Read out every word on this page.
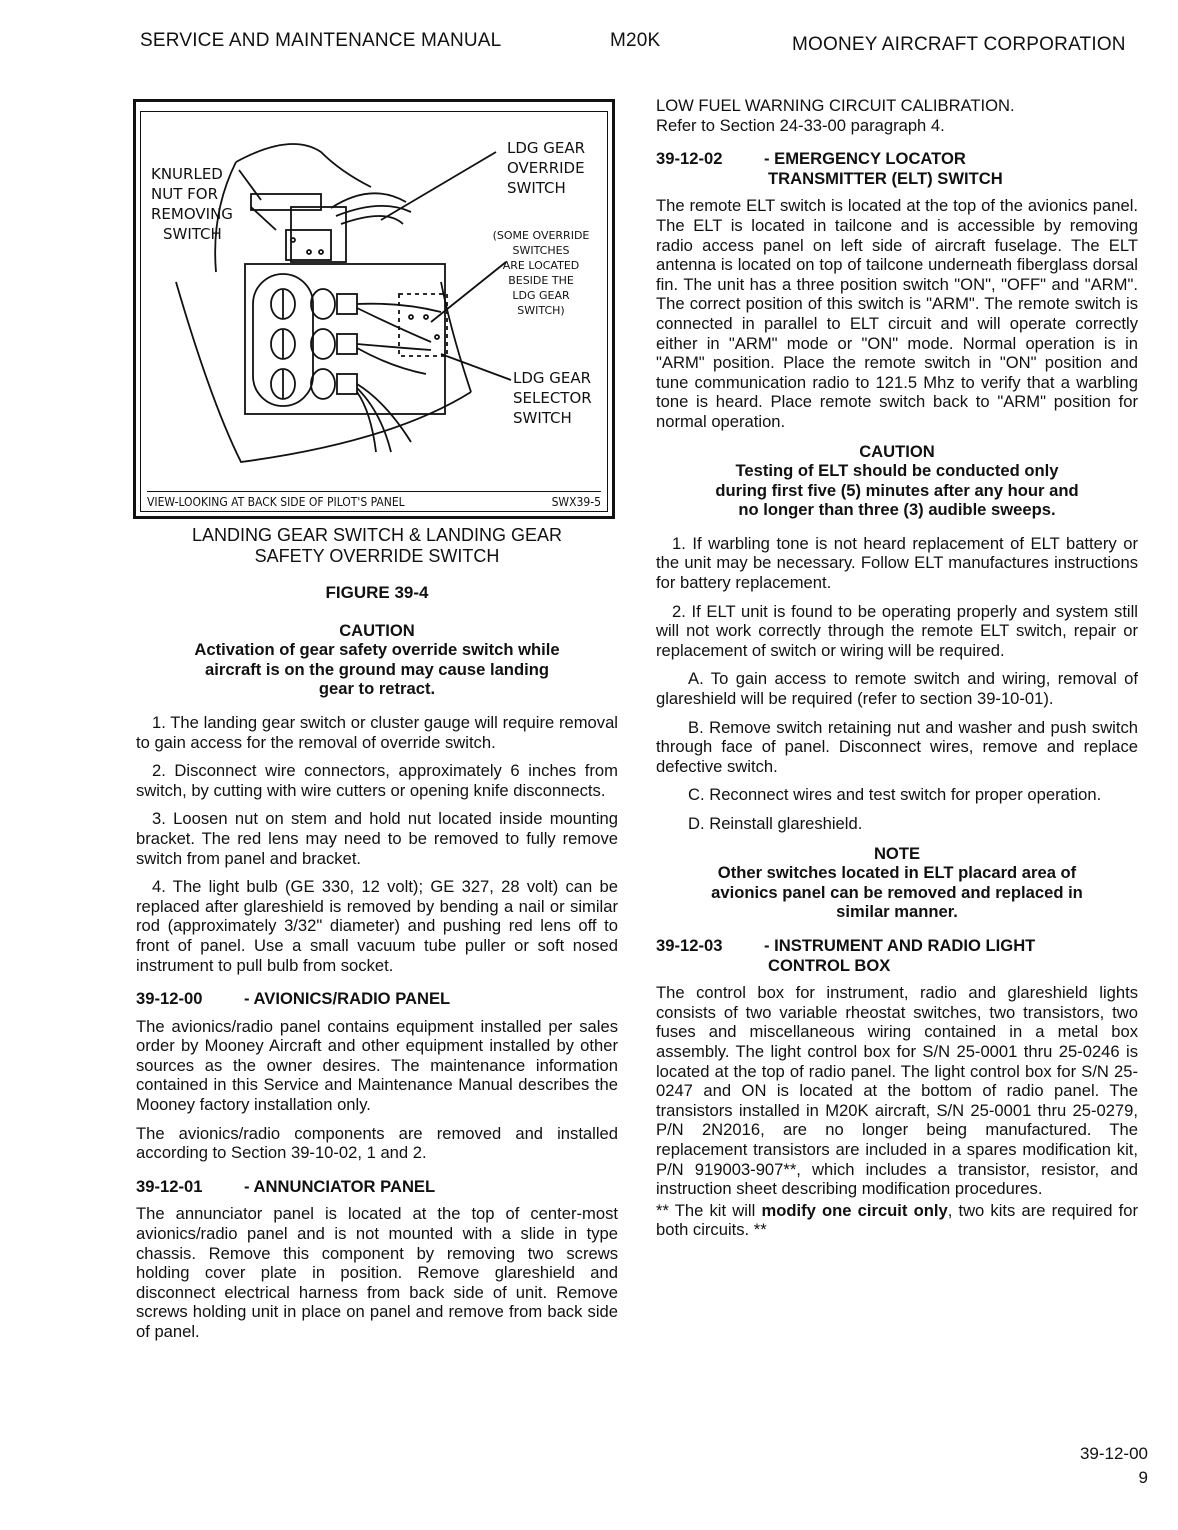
SERVICE AND MAINTENANCE MANUAL	M20K	MOONEY AIRCRAFT CORPORATION
KNURLED
NUT FOR
REMOVING
SWITCH
LDG GEAR
OVERRIDE
SWITCH
(SOME OVERRIDE
SWITCHES
ARE LOCATED
BESIDE THE
LDG GEAR
SWITCH)
LDG GEAR
SELECTOR
SWITCH
VIEW-LOOKING AT BACK SIDE OF PILOT'S PANEL	SWX39-5
LANDING GEAR SWITCH & LANDING GEAR
SAFETY OVERRIDE SWITCH
FIGURE 39-4
CAUTION
Activation of gear safety override switch while
aircraft is on the ground may cause landing
gear to retract.

1. The landing gear switch or cluster gauge will require removal to gain access for the removal of override switch.

2. Disconnect wire connectors, approximately 6 inches from switch, by cutting with wire cutters or opening knife disconnects.

3. Loosen nut on stem and hold nut located inside mounting bracket. The red lens may need to be removed to fully remove switch from panel and bracket.

4. The light bulb (GE 330, 12 volt); GE 327, 28 volt) can be replaced after glareshield is removed by bending a nail or similar rod (approximately 3/32" diameter) and pushing red lens off to front of panel. Use a small vacuum tube puller or soft nosed instrument to pull bulb from socket.

39-12-00	- AVIONICS/RADIO PANEL

The avionics/radio panel contains equipment installed per sales order by Mooney Aircraft and other equipment installed by other sources as the owner desires. The maintenance information contained in this Service and Maintenance Manual describes the Mooney factory installation only.

The avionics/radio components are removed and installed according to Section 39-10-02, 1 and 2.

39-12-01	- ANNUNCIATOR PANEL

The annunciator panel is located at the top of center-most avionics/radio panel and is not mounted with a slide in type chassis. Remove this component by removing two screws holding cover plate in position. Remove glareshield and disconnect electrical harness from back side of unit. Remove screws holding unit in place on panel and remove from back side of panel.

LOW FUEL WARNING CIRCUIT CALIBRATION.
Refer to Section 24-33-00 paragraph 4.
39-12-02	- EMERGENCY LOCATOR
TRANSMITTER (ELT) SWITCH

The remote ELT switch is located at the top of the avionics panel. The ELT is located in tailcone and is accessible by removing radio access panel on left side of aircraft fuselage. The ELT antenna is located on top of tailcone underneath fiberglass dorsal fin. The unit has a three position switch "ON", "OFF" and "ARM". The correct position of this switch is "ARM". The remote switch is connected in parallel to ELT circuit and will operate correctly either in "ARM" mode or "ON" mode. Normal operation is in "ARM" position. Place the remote switch in "ON" position and tune communication radio to 121.5 Mhz to verify that a warbling tone is heard. Place remote switch back to "ARM" position for normal operation.

CAUTION
Testing of ELT should be conducted only
during first five (5) minutes after any hour and
no longer than three (3) audible sweeps.

1. If warbling tone is not heard replacement of ELT battery or the unit may be necessary. Follow ELT manufactures instructions for battery replacement.

2. If ELT unit is found to be operating properly and system still will not work correctly through the remote ELT switch, repair or replacement of switch or wiring will be required.

A. To gain access to remote switch and wiring, removal of glareshield will be required (refer to section 39-10-01).

B. Remove switch retaining nut and washer and push switch through face of panel. Disconnect wires, remove and replace defective switch.

C. Reconnect wires and test switch for proper operation.

D. Reinstall glareshield.

NOTE
Other switches located in ELT placard area of
avionics panel can be removed and replaced in
similar manner.
39-12-03	- INSTRUMENT AND RADIO LIGHT
CONTROL BOX

The control box for instrument, radio and glareshield lights consists of two variable rheostat switches, two transistors, two fuses and miscellaneous wiring contained in a metal box assembly. The light control box for S/N 25-0001 thru 25-0246 is located at the top of radio panel. The light control box for S/N 25-0247 and ON is located at the bottom of radio panel. The transistors installed in M20K aircraft, S/N 25-0001 thru 25-0279, P/N 2N2016, are no longer being manufactured. The replacement transistors are included in a spares modification kit, P/N 919003-907**, which includes a transistor, resistor, and instruction sheet describing modification procedures.

** The kit will modify one circuit only, two kits are required for both circuits. **

39-12-00
9
